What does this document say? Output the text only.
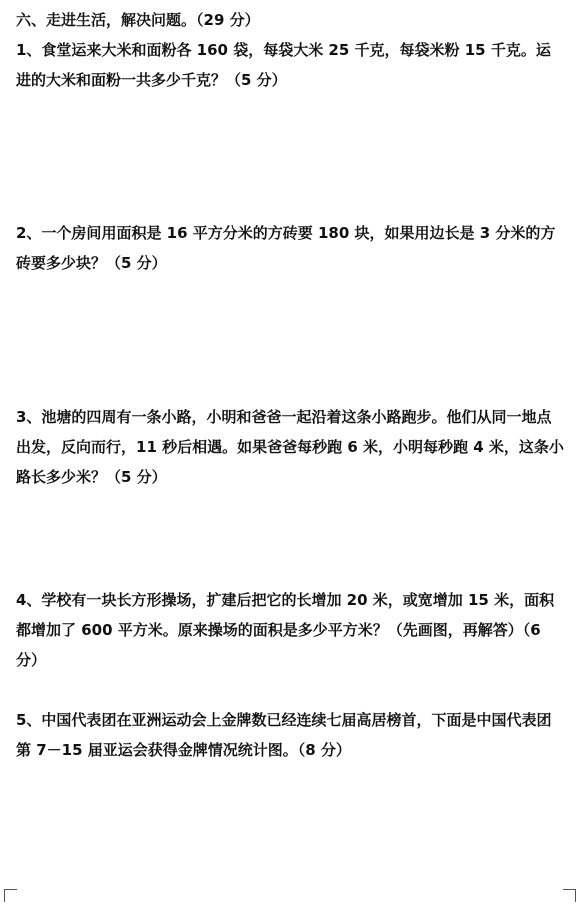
六、走进生活，解决问题。（29 分）
1、食堂运来大米和面粉各 160 袋，每袋大米 25 千克，每袋米粉 15 千克。运进的大米和面粉一共多少千克？（5 分）
2、一个房间用面积是 16 平方分米的方砖要 180 块，如果用边长是 3 分米的方砖要多少块？（5 分）
3、池塘的四周有一条小路，小明和爸爸一起沿着这条小路跑步。他们从同一地点出发，反向而行，11 秒后相遇。如果爸爸每秒跑 6 米，小明每秒跑 4 米，这条小路长多少米？（5 分）
4、学校有一块长方形操场，扩建后把它的长增加 20 米，或宽增加 15 米，面积都增加了 600 平方米。原来操场的面积是多少平方米？（先画图，再解答）（6 分）
5、中国代表团在亚洲运动会上金牌数已经连续七届高居榜首，下面是中国代表团第 7－15 届亚运会获得金牌情况统计图。（8 分）
